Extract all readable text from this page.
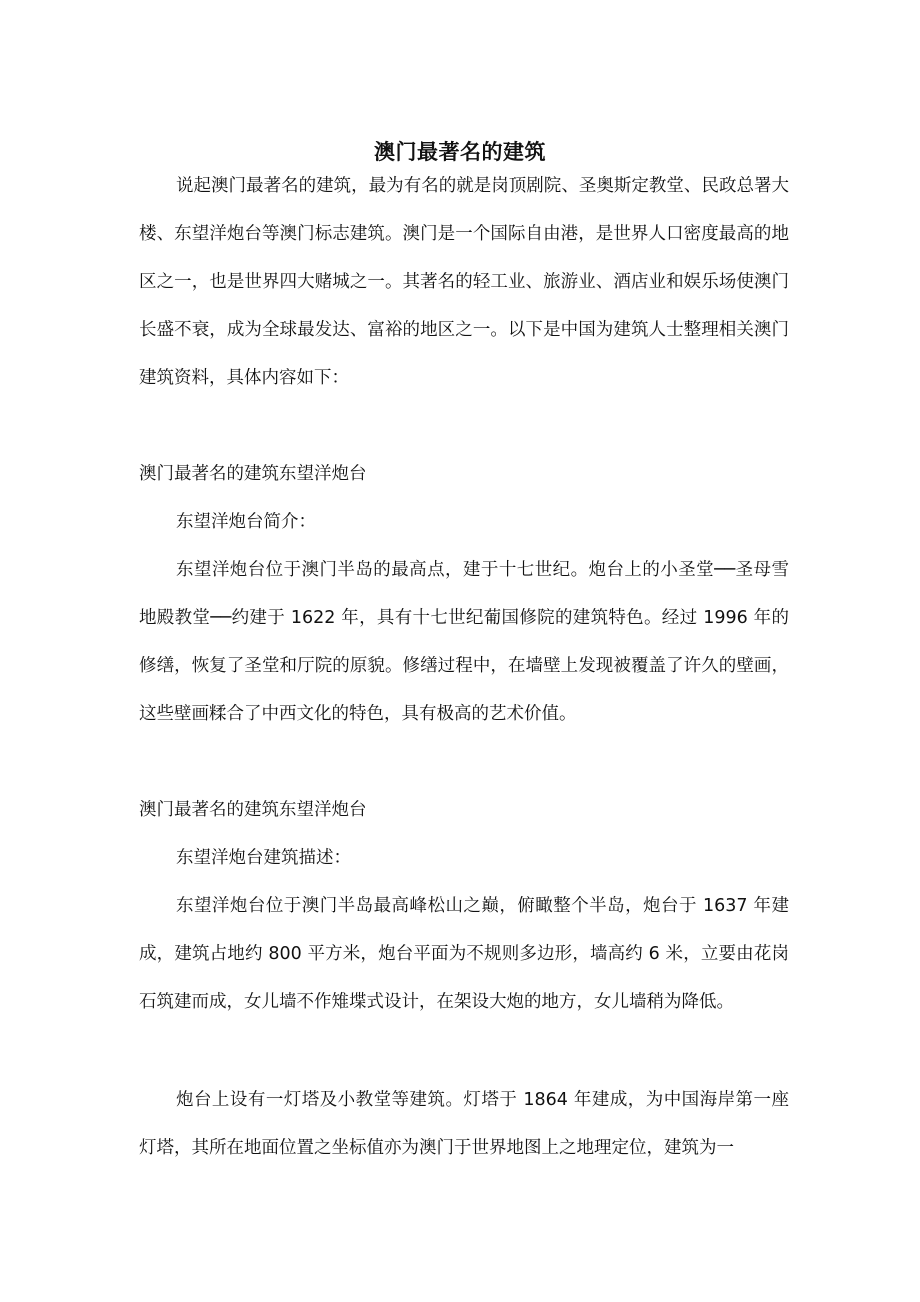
澳门最著名的建筑

说起澳门最著名的建筑，最为有名的就是岗顶剧院、圣奥斯定教堂、民政总署大楼、东望洋炮台等澳门标志建筑。澳门是一个国际自由港，是世界人口密度最高的地区之一，也是世界四大赌城之一。其著名的轻工业、旅游业、酒店业和娱乐场使澳门长盛不衰，成为全球最发达、富裕的地区之一。以下是中国为建筑人士整理相关澳门建筑资料，具体内容如下：

澳门最著名的建筑东望洋炮台

东望洋炮台简介：

东望洋炮台位于澳门半岛的最高点，建于十七世纪。炮台上的小圣堂──圣母雪地殿教堂──约建于 1622 年，具有十七世纪葡国修院的建筑特色。经过 1996 年的修缮，恢复了圣堂和厅院的原貌。修缮过程中，在墙壁上发现被覆盖了许久的壁画，这些壁画糅合了中西文化的特色，具有极高的艺术价值。

澳门最著名的建筑东望洋炮台

东望洋炮台建筑描述：

东望洋炮台位于澳门半岛最高峰松山之巅，俯瞰整个半岛，炮台于 1637 年建成，建筑占地约 800 平方米，炮台平面为不规则多边形，墙高约 6 米，立要由花岗石筑建而成，女儿墙不作雉堞式设计，在架设大炮的地方，女儿墙稍为降低。

炮台上设有一灯塔及小教堂等建筑。灯塔于 1864 年建成，为中国海岸第一座灯塔，其所在地面位置之坐标值亦为澳门于世界地图上之地理定位，建筑为一
